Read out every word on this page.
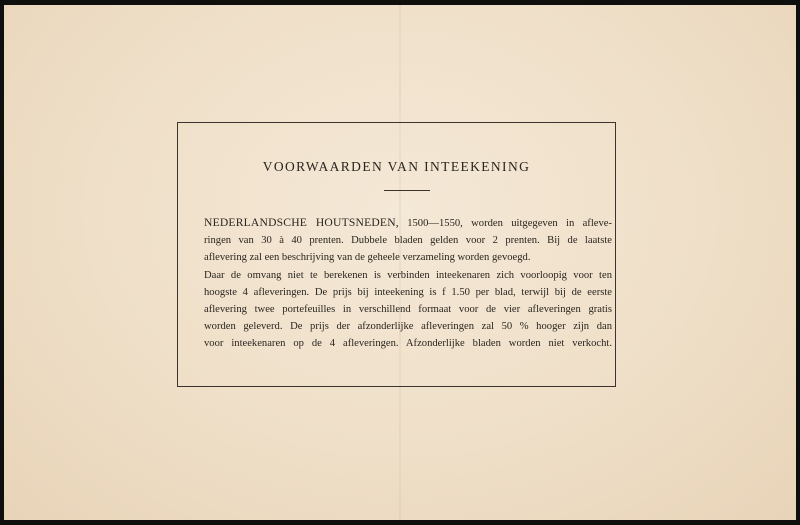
VOORWAARDEN VAN INTEEKENING
NEDERLANDSCHE HOUTSNEDEN, 1500—1550, worden uitgegeven in afleve-
ringen van 30 à 40 prenten. Dubbele bladen gelden voor 2 prenten. Bij de laatste
aflevering zal een beschrijving van de geheele verzameling worden gevoegd.
Daar de omvang niet te berekenen is verbinden inteekenaren zich voorloopig voor ten
hoogste 4 afleveringen. De prijs bij inteekening is f 1.50 per blad, terwijl bij de eerste
aflevering twee portefeuilles in verschillend formaat voor de vier afleveringen gratis
worden geleverd. De prijs der afzonderlijke afleveringen zal 50 % hooger zijn dan
voor inteekenaren op de 4 afleveringen. Afzonderlijke bladen worden niet verkocht.
